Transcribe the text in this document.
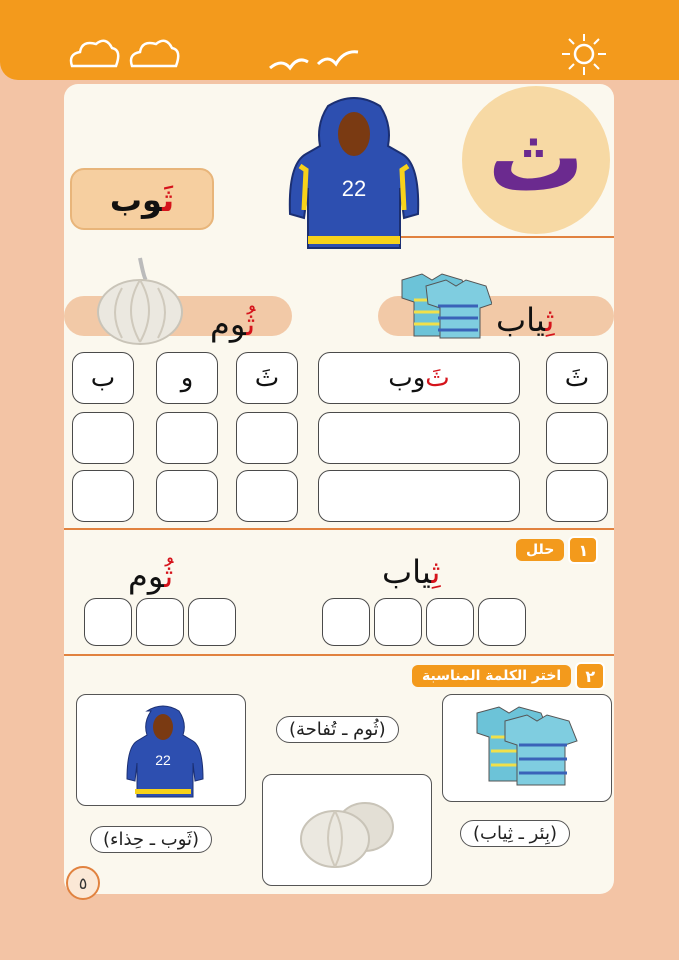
ث
ثَوب	22
ثِياب
ثُوم
ثَ
ثَ
وب
ثَ
و
ب
١
حلل
ثِياب
ثُوم
٢
اختر الكلمة المناسبة
(بِئر ـ ثِياب)
(ثُوم ـ تُفاحة)
22
(ثَوب ـ حِذاء)
٥
